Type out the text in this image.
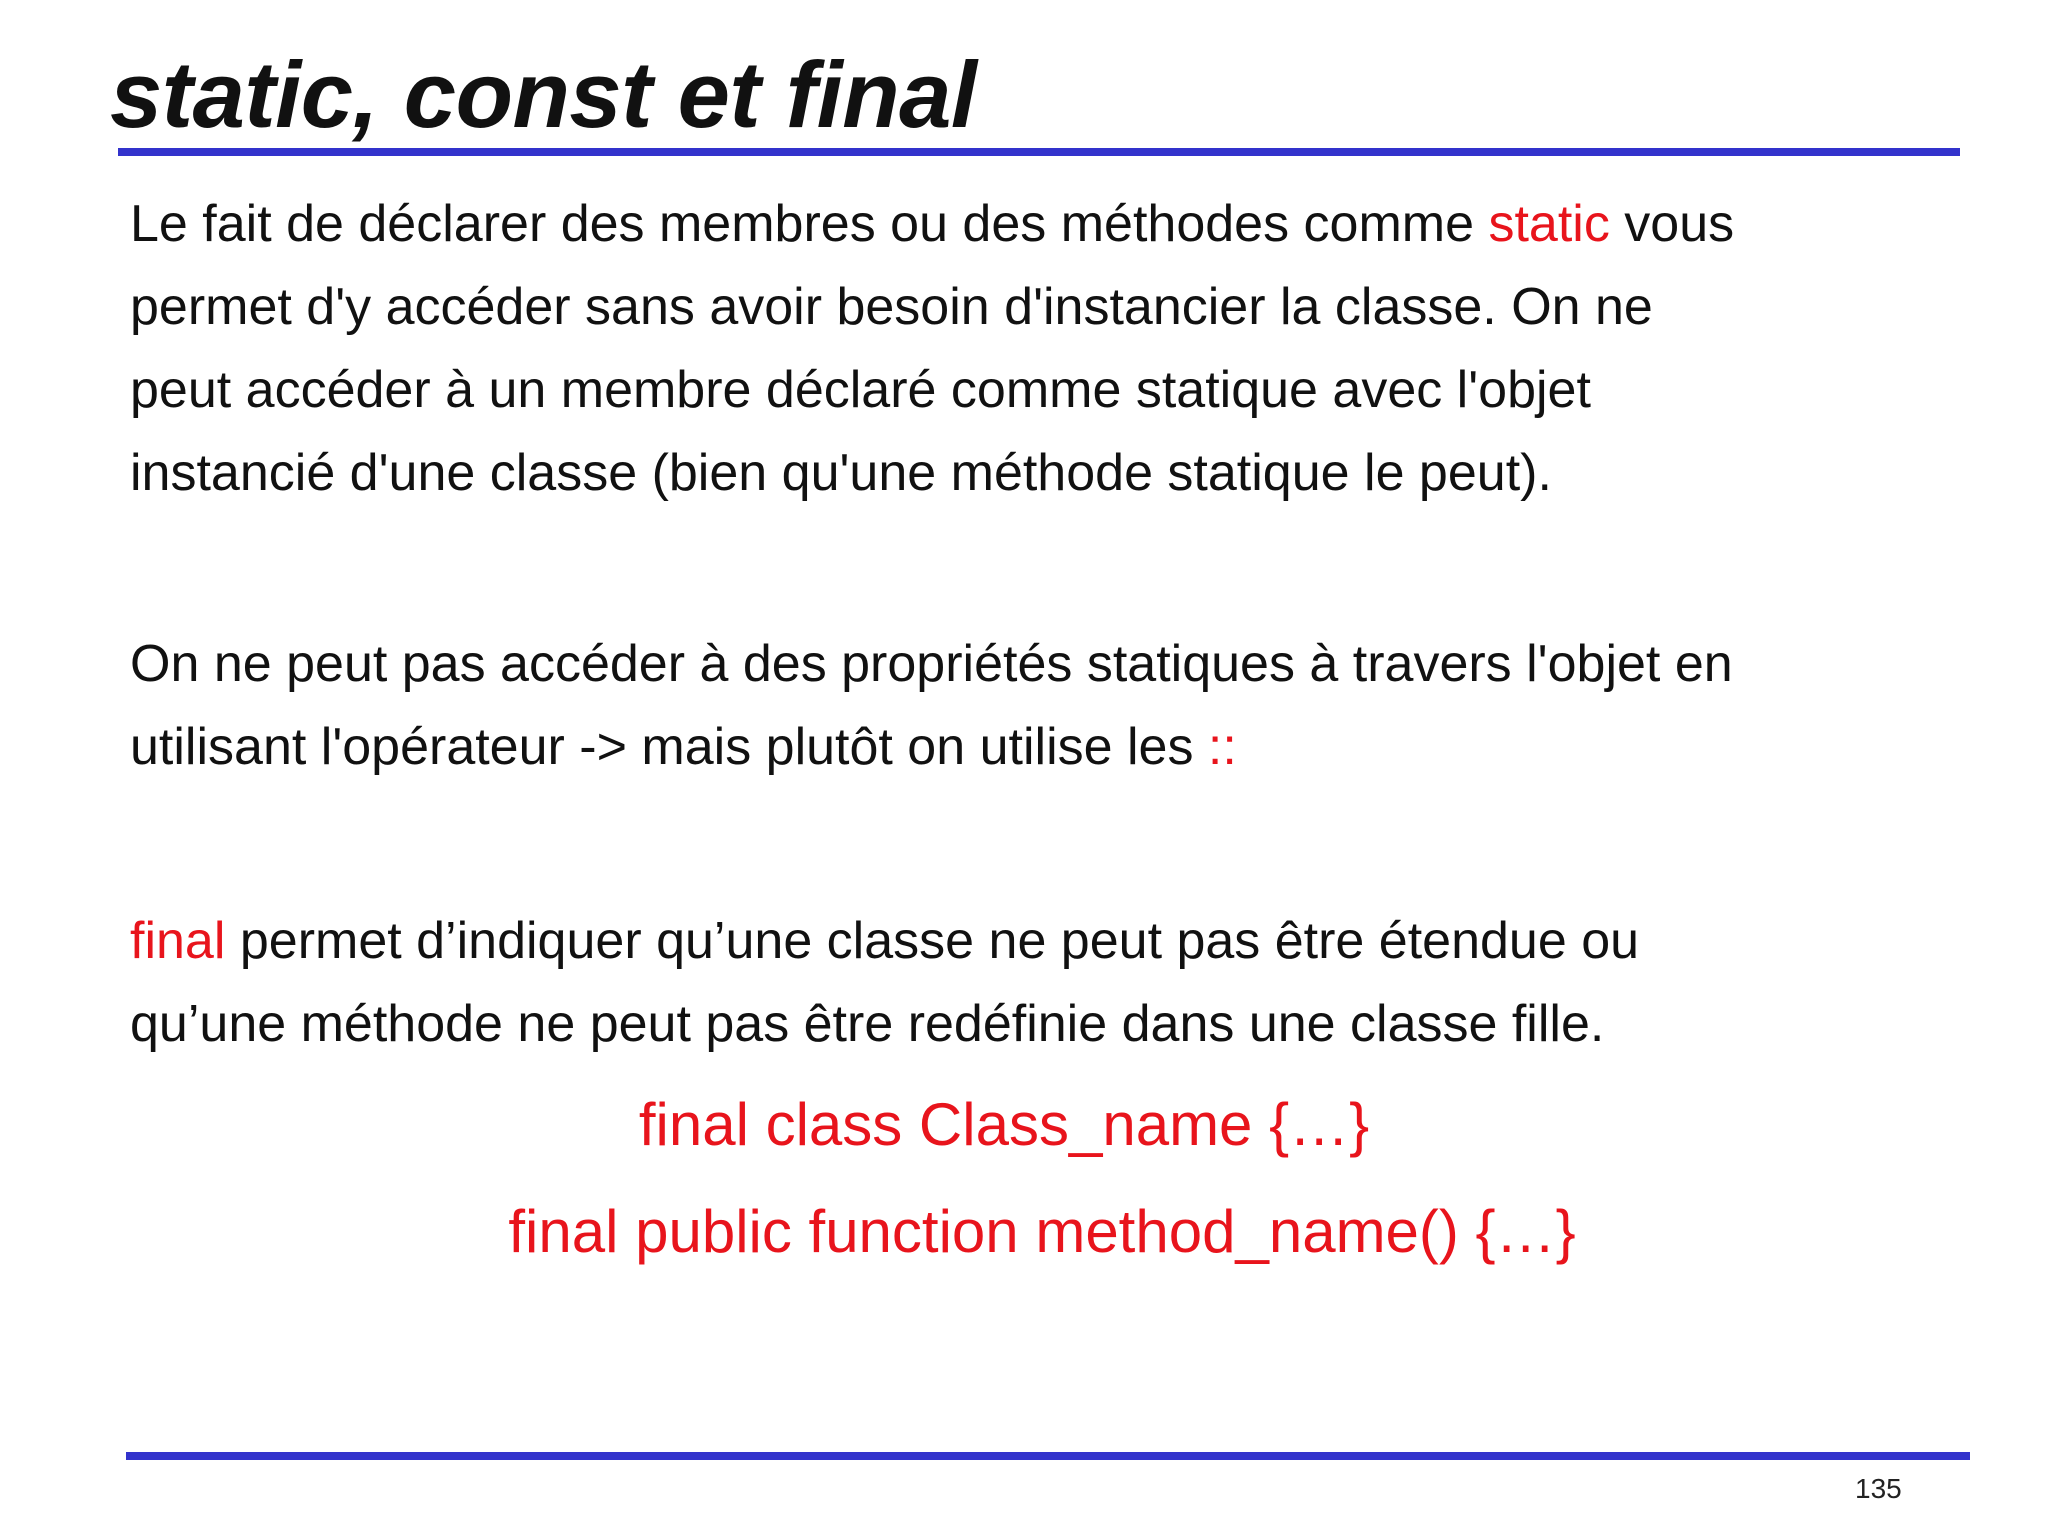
static, const et final

Le fait de déclarer des membres ou des méthodes comme static vous
permet d'y accéder sans avoir besoin d'instancier la classe. On ne
peut accéder à un membre déclaré comme statique avec l'objet
instancié d'une classe (bien qu'une méthode statique le peut).

On ne peut pas accéder à des propriétés statiques à travers l'objet en
utilisant l'opérateur -> mais plutôt on utilise les ::

final permet d’indiquer qu’une classe ne peut pas être étendue ou
qu’une méthode ne peut pas être redéfinie dans une classe fille.

final class Class_name {…}

final public function method_name() {…}

135
